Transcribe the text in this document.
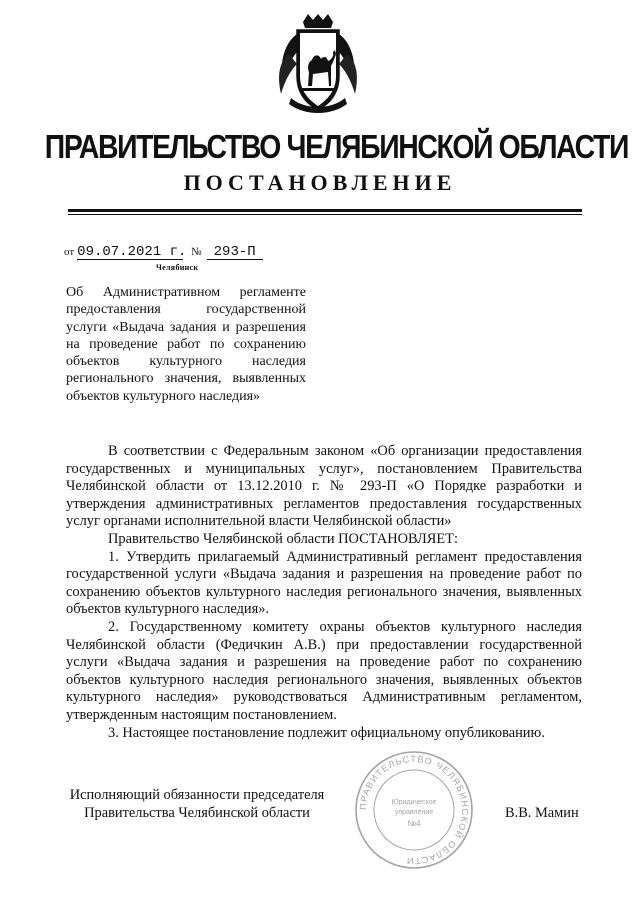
ПРАВИТЕЛЬСТВО ЧЕЛЯБИНСКОЙ ОБЛАСТИ
ПОСТАНОВЛЕНИЕ
от 09.07.2021 г. № 293-П
Челябинск
Об Административном регламенте предоставления государственной услуги «Выдача задания и разрешения на проведение работ по сохранению объектов культурного наследия регионального значения, выявленных объектов культурного наследия»

В соответствии с Федеральным законом «Об организации предоставления государственных и муниципальных услуг», постановлением Правительства Челябинской области от 13.12.2010 г. № 293-П «О Порядке разработки и утверждения административных регламентов предоставления государственных услуг органами исполнительной власти Челябинской области»

Правительство Челябинской области ПОСТАНОВЛЯЕТ:

1. Утвердить прилагаемый Административный регламент предоставления государственной услуги «Выдача задания и разрешения на проведение работ по сохранению объектов культурного наследия регионального значения, выявленных объектов культурного наследия».

2. Государственному комитету охраны объектов культурного наследия Челябинской области (Федичкин А.В.) при предоставлении государственной услуги «Выдача задания и разрешения на проведение работ по сохранению объектов культурного наследия регионального значения, выявленных объектов культурного наследия» руководствоваться Административным регламентом, утвержденным настоящим постановлением.

3. Настоящее постановление подлежит официальному опубликованию.

ПРАВИТЕЛЬСТВО ЧЕЛЯБИНСКОЙ ОБЛАСТИ
Юридическое
управление
№4
Исполняющий обязанности председателя
Правительства Челябинской области	В.В. Мамин
